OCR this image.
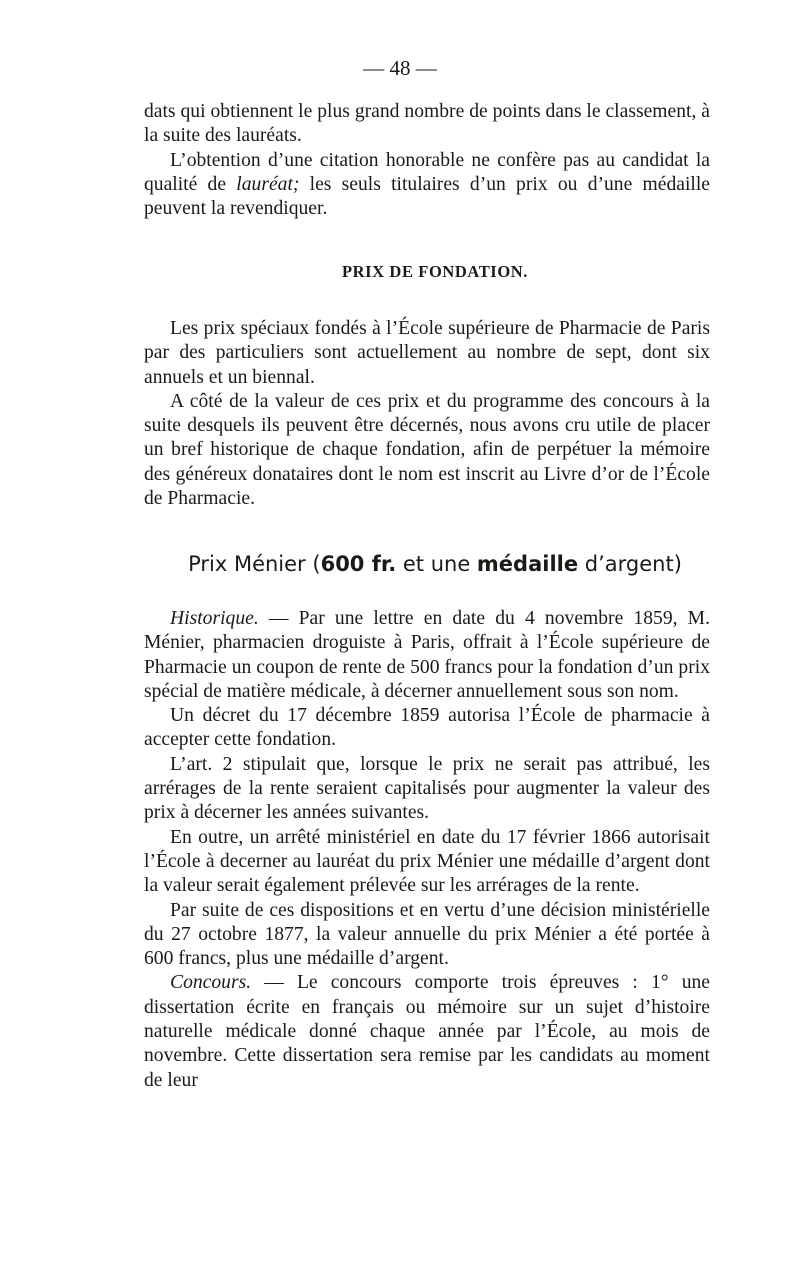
— 48 —

dats qui obtiennent le plus grand nombre de points dans le classement, à la suite des lauréats.

L’obtention d’une citation honorable ne confère pas au candidat la qualité de lauréat; les seuls titulaires d’un prix ou d’une médaille peuvent la revendiquer.

PRIX DE FONDATION.

Les prix spéciaux fondés à l’École supérieure de Pharmacie de Paris par des particuliers sont actuellement au nombre de sept, dont six annuels et un biennal.

A côté de la valeur de ces prix et du programme des concours à la suite desquels ils peuvent être décernés, nous avons cru utile de placer un bref historique de chaque fondation, afin de perpétuer la mémoire des généreux donataires dont le nom est inscrit au Livre d’or de l’École de Pharmacie.

Prix Ménier (600 fr. et une médaille d’argent)

Historique. — Par une lettre en date du 4 novembre 1859, M. Ménier, pharmacien droguiste à Paris, offrait à l’École supérieure de Pharmacie un coupon de rente de 500 francs pour la fondation d’un prix spécial de matière médicale, à décerner annuellement sous son nom.

Un décret du 17 décembre 1859 autorisa l’École de pharmacie à accepter cette fondation.

L’art. 2 stipulait que, lorsque le prix ne serait pas attribué, les arrérages de la rente seraient capitalisés pour augmenter la valeur des prix à décerner les années suivantes.

En outre, un arrêté ministériel en date du 17 février 1866 autorisait l’École à decerner au lauréat du prix Ménier une médaille d’argent dont la valeur serait également prélevée sur les arrérages de la rente.

Par suite de ces dispositions et en vertu d’une décision ministérielle du 27 octobre 1877, la valeur annuelle du prix Ménier a été portée à 600 francs, plus une médaille d’argent.

Concours. — Le concours comporte trois épreuves : 1° une dissertation écrite en français ou mémoire sur un sujet d’histoire naturelle médicale donné chaque année par l’École, au mois de novembre. Cette dissertation sera remise par les candidats au moment de leur
